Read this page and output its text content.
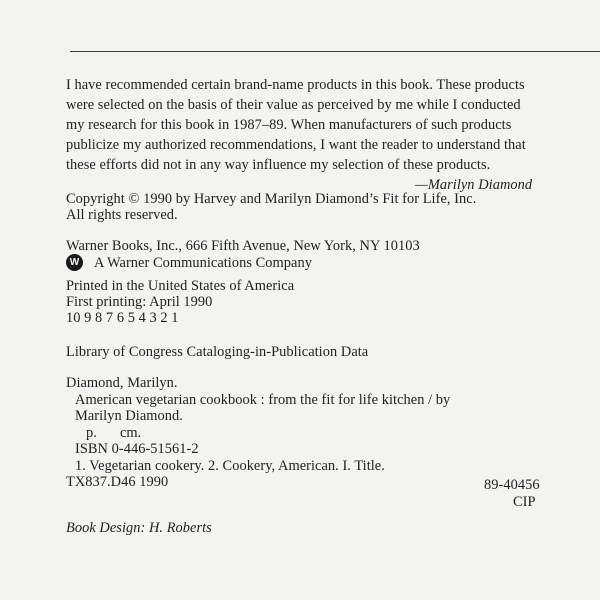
I have recommended certain brand-name products in this book. These products
were selected on the basis of their value as perceived by me while I conducted
my research for this book in 1987–89. When manufacturers of such products
publicize my authorized recommendations, I want the reader to understand that
these efforts did not in any way influence my selection of these products.
—Marilyn Diamond
Copyright © 1990 by Harvey and Marilyn Diamond’s Fit for Life, Inc.
All rights reserved.
Warner Books, Inc., 666 Fifth Avenue, New York, NY 10103
W A Warner Communications Company
Printed in the United States of America
First printing: April 1990
10 9 8 7 6 5 4 3 2 1
Library of Congress Cataloging-in-Publication Data
Diamond, Marilyn.
American vegetarian cookbook : from the fit for life kitchen / by
Marilyn Diamond.
p. cm.
ISBN 0-446-51561-2
1. Vegetarian cookery. 2. Cookery, American. I. Title.
TX837.D46 1990	89-40456
CIP
Book Design: H. Roberts
